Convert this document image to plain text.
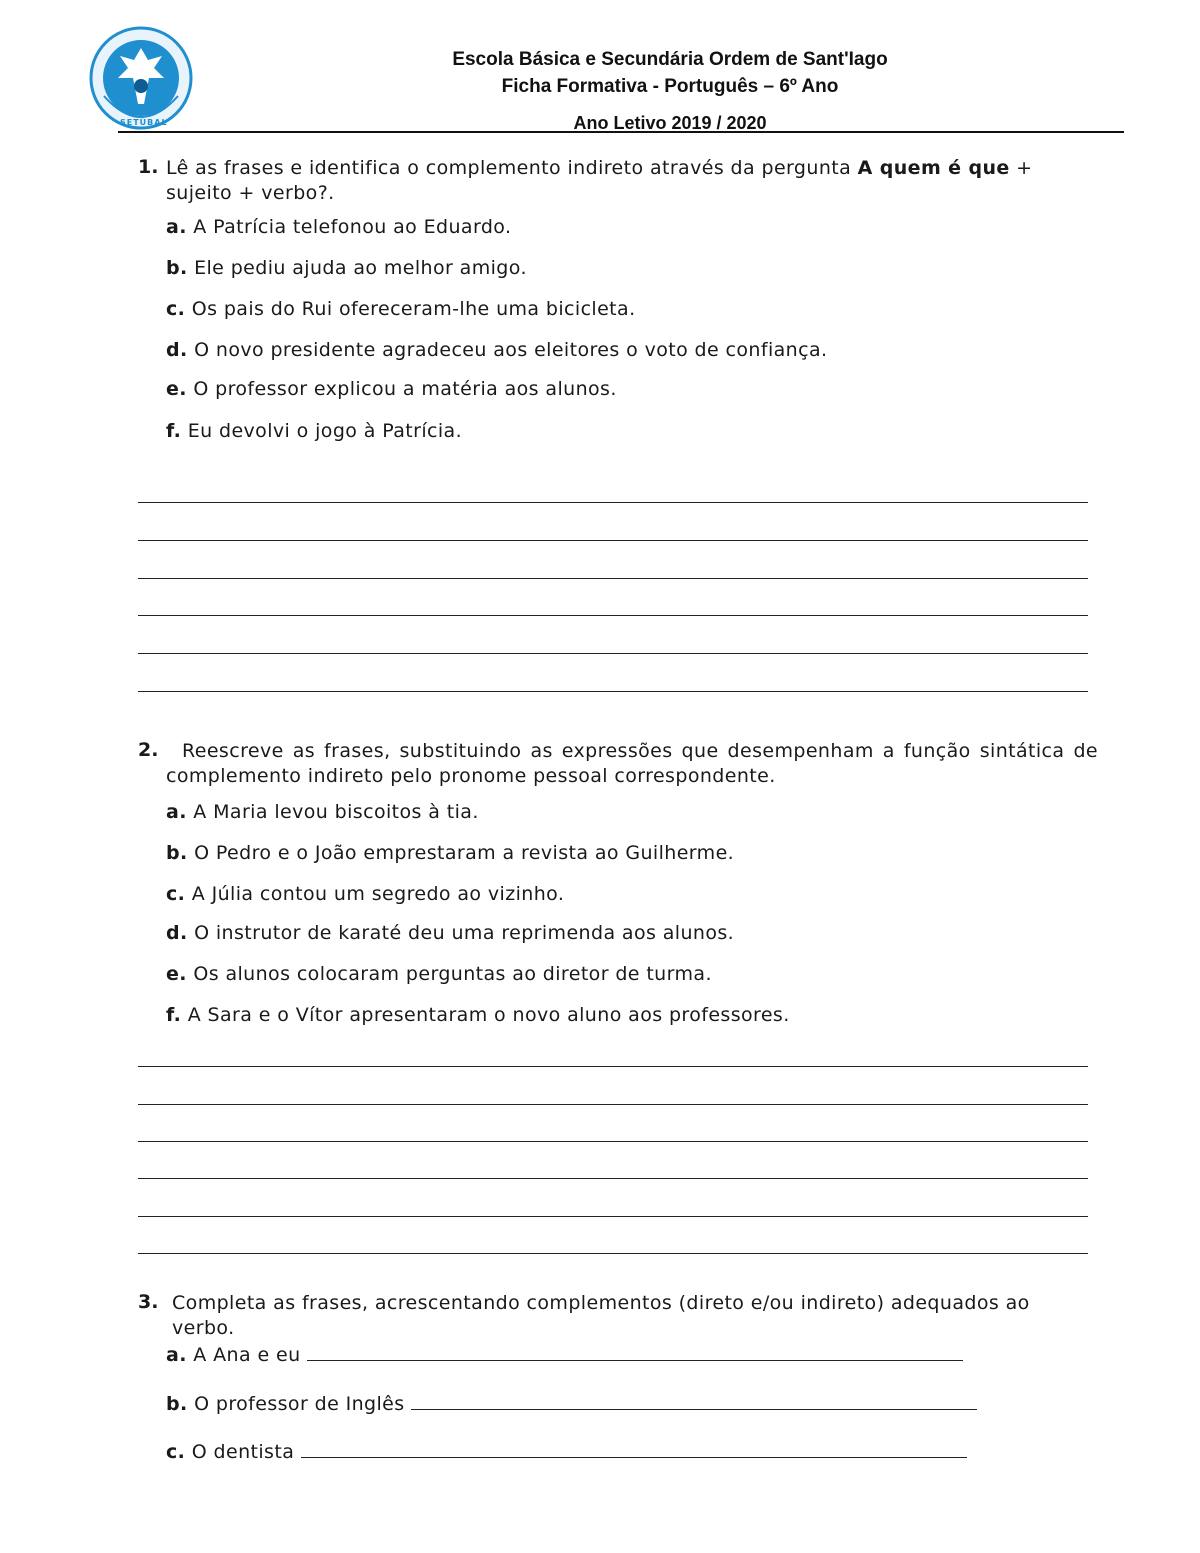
SETÚBAL
Escola Básica e Secundária Ordem de Sant'Iago
Ficha Formativa - Português – 6º Ano
Ano Letivo 2019 / 2020
1. Lê as frases e identifica o complemento indireto através da pergunta A quem é que + sujeito + verbo?.
a. A Patrícia telefonou ao Eduardo.
b. Ele pediu ajuda ao melhor amigo.
c. Os pais do Rui ofereceram-lhe uma bicicleta.
d. O novo presidente agradeceu aos eleitores o voto de confiança.
e. O professor explicou a matéria aos alunos.
f. Eu devolvi o jogo à Patrícia.
2.	Reescreve as frases, substituindo as expressões que desempenham a função sintática de
complemento indireto pelo pronome pessoal correspondente.
a. A Maria levou biscoitos à tia.
b. O Pedro e o João emprestaram a revista ao Guilherme.
c. A Júlia contou um segredo ao vizinho.
d. O instrutor de karaté deu uma reprimenda aos alunos.
e. Os alunos colocaram perguntas ao diretor de turma.
f. A Sara e o Vítor apresentaram o novo aluno aos professores.
3. Completa as frases, acrescentando complementos (direto e/ou indireto) adequados ao verbo.
a. A Ana e eu
b. O professor de Inglês
c. O dentista
